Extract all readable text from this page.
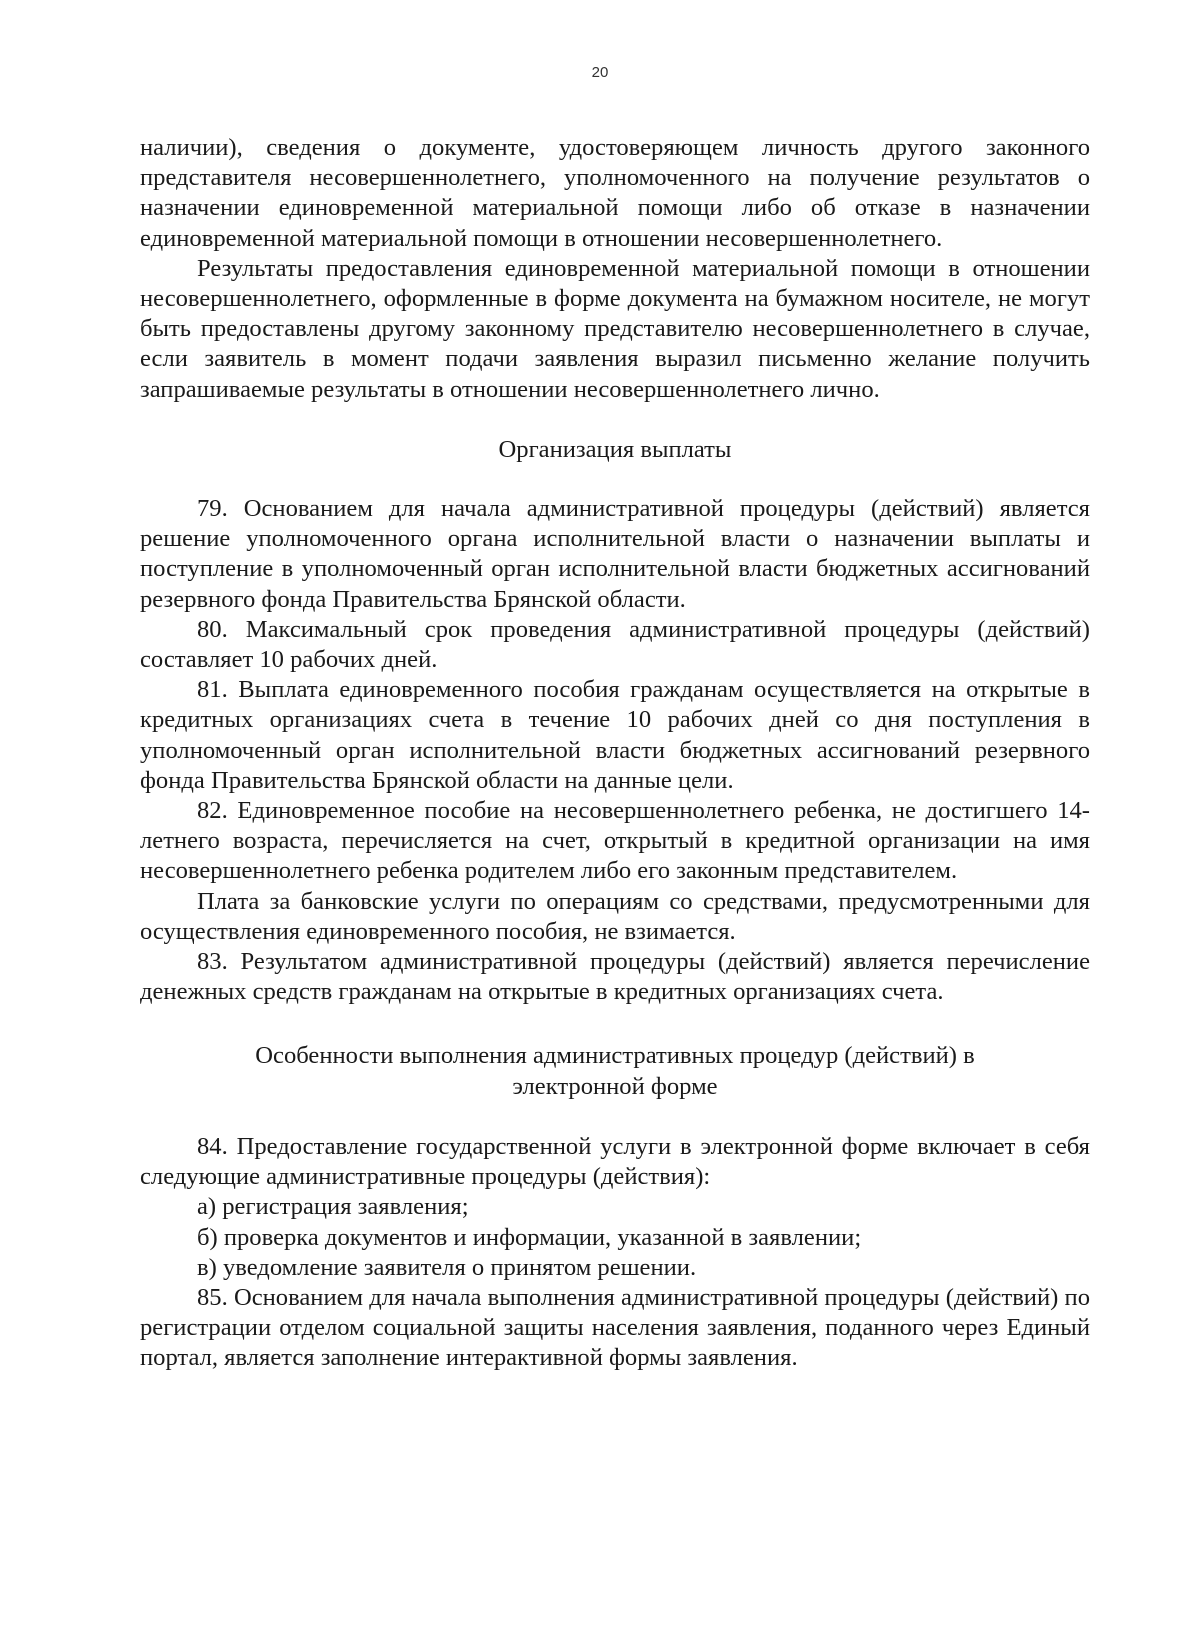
20

наличии), сведения о документе, удостоверяющем личность другого законного представителя несовершеннолетнего, уполномоченного на получение результатов о назначении единовременной материальной помощи либо об отказе в назначении единовременной материальной помощи в отношении несовершеннолетнего.

Результаты предоставления единовременной материальной помощи в отношении несовершеннолетнего, оформленные в форме документа на бумажном носителе, не могут быть предоставлены другому законному представителю несовершеннолетнего в случае, если заявитель в момент подачи заявления выразил письменно желание получить запрашиваемые результаты в отношении несовершеннолетнего лично.

Организация выплаты

79. Основанием для начала административной процедуры (действий) является решение уполномоченного органа исполнительной власти о назначении выплаты и поступление в уполномоченный орган исполнительной власти бюджетных ассигнований резервного фонда Правительства Брянской области.

80. Максимальный срок проведения административной процедуры (действий) составляет 10 рабочих дней.

81. Выплата единовременного пособия гражданам осуществляется на открытые в кредитных организациях счета в течение 10 рабочих дней со дня поступления в уполномоченный орган исполнительной власти бюджетных ассигнований резервного фонда Правительства Брянской области на данные цели.

82. Единовременное пособие на несовершеннолетнего ребенка, не достигшего 14-летнего возраста, перечисляется на счет, открытый в кредитной организации на имя несовершеннолетнего ребенка родителем либо его законным представителем.

Плата за банковские услуги по операциям со средствами, предусмотренными для осуществления единовременного пособия, не взимается.

83. Результатом административной процедуры (действий) является перечисление денежных средств гражданам на открытые в кредитных организациях счета.

Особенности выполнения административных процедур (действий) в

электронной форме

84. Предоставление государственной услуги в электронной форме включает в себя следующие административные процедуры (действия):

а) регистрация заявления;

б) проверка документов и информации, указанной в заявлении;

в) уведомление заявителя о принятом решении.

85. Основанием для начала выполнения административной процедуры (действий) по регистрации отделом социальной защиты населения заявления, поданного через Единый портал, является заполнение интерактивной формы заявления.
